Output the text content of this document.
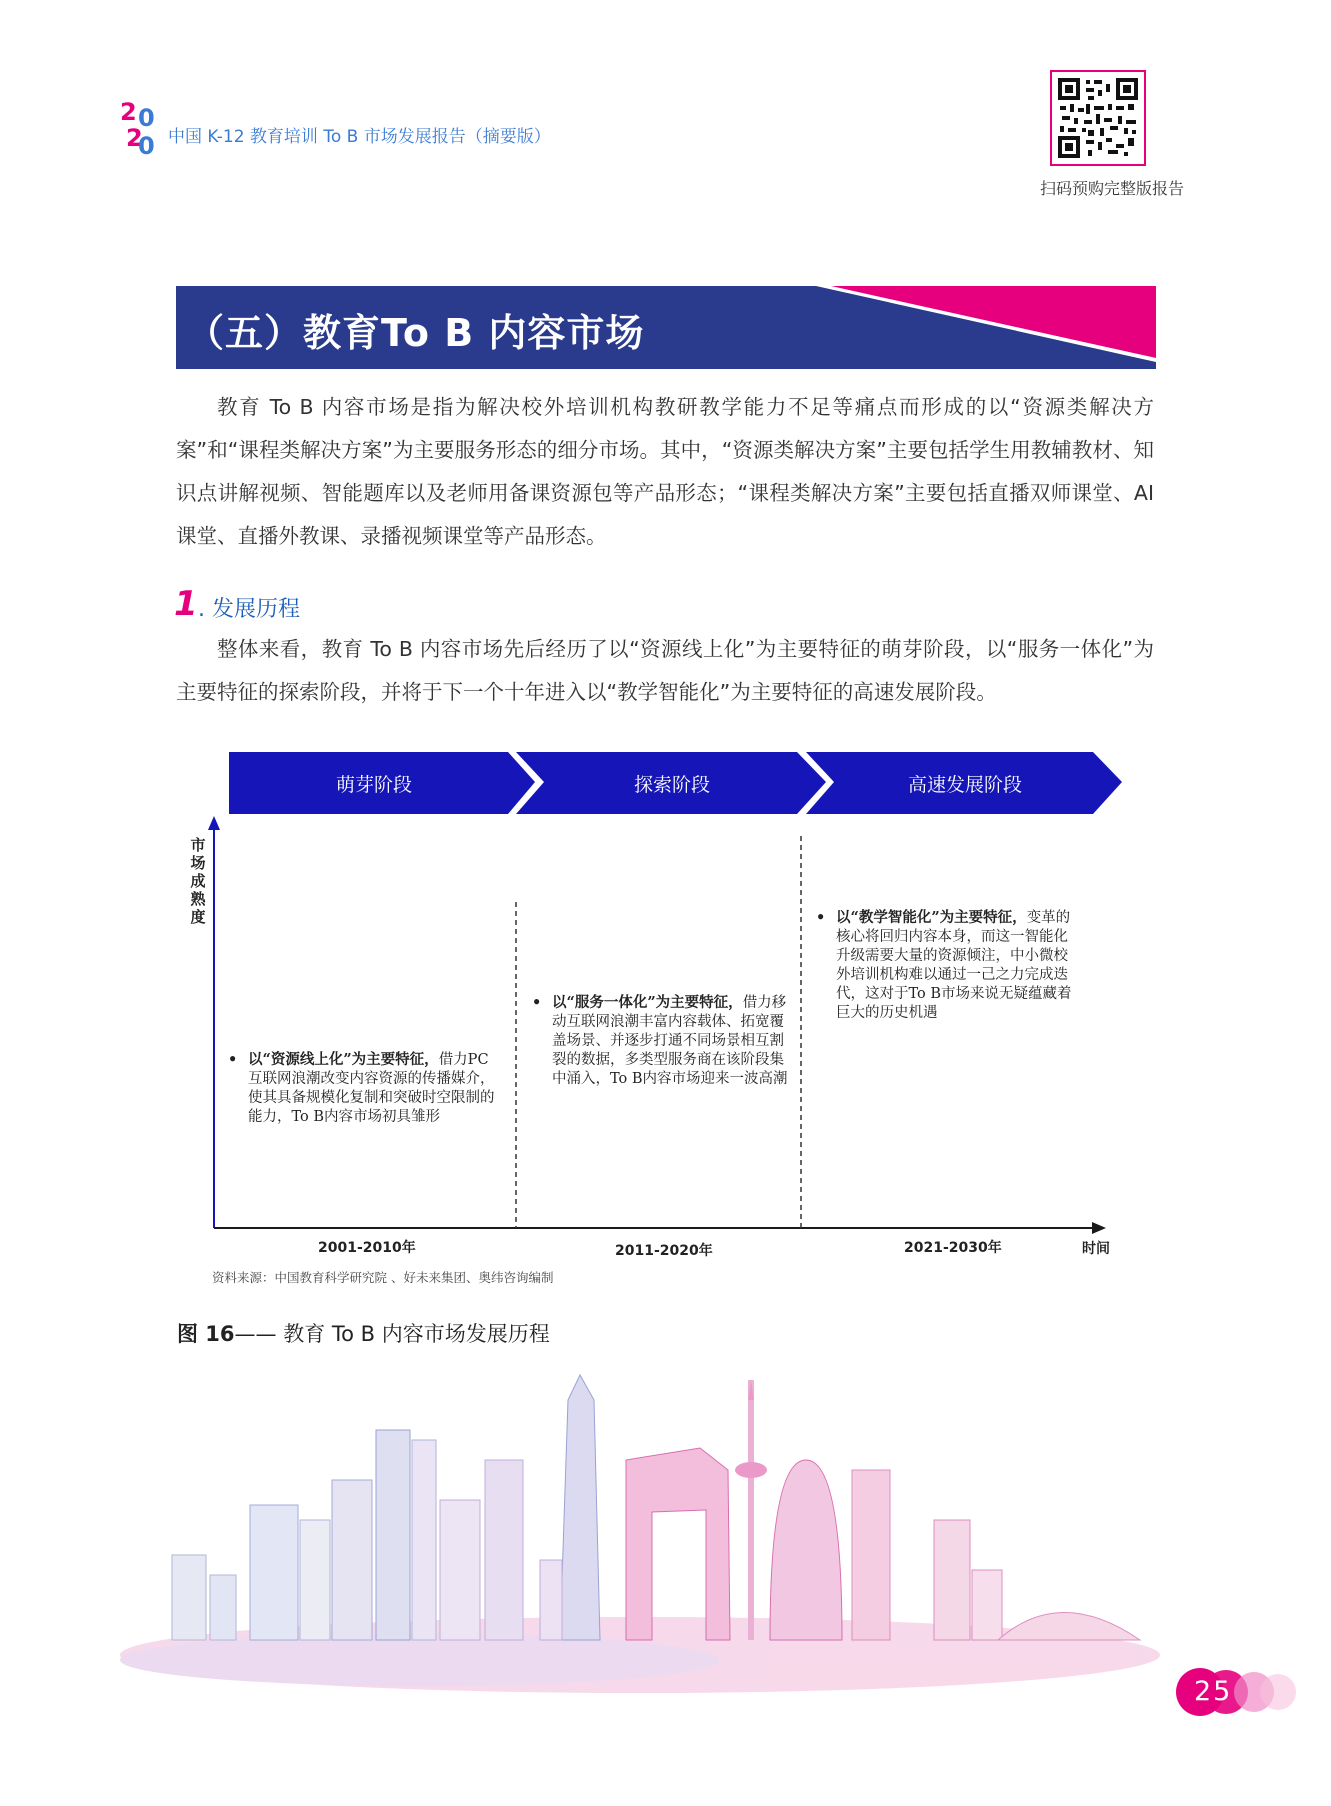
2 0
2
0 中国 K-12 教育培训 To B 市场发展报告（摘要版）
扫码预购完整版报告
（五）教育To B 内容市场

教育 To B 内容市场是指为解决校外培训机构教研教学能力不足等痛点而形成的以“资源类解决方案”和“课程类解决方案”为主要服务形态的细分市场。其中，“资源类解决方案”主要包括学生用教辅教材、知识点讲解视频、智能题库以及老师用备课资源包等产品形态；“课程类解决方案”主要包括直播双师课堂、AI 课堂、直播外教课、录播视频课堂等产品形态。

1 . 发展历程

整体来看，教育 To B 内容市场先后经历了以“资源线上化”为主要特征的萌芽阶段，以“服务一体化”为主要特征的探索阶段，并将于下一个十年进入以“教学智能化”为主要特征的高速发展阶段。

萌芽阶段	探索阶段	高速发展阶段
市场成熟度
• 以“资源线上化”为主要特征，借力PC互联网浪潮改变内容资源的传播媒介，使其具备规模化复制和突破时空限制的能力，To B内容市场初具雏形
• 以“服务一体化”为主要特征，借力移动互联网浪潮丰富内容载体、拓宽覆盖场景、并逐步打通不同场景相互割裂的数据，多类型服务商在该阶段集中涌入，To B内容市场迎来一波高潮
• 以“教学智能化”为主要特征，变革的核心将回归内容本身，而这一智能化升级需要大量的资源倾注，中小微校外培训机构难以通过一己之力完成迭代，这对于To B市场来说无疑蕴藏着巨大的历史机遇
2001-2010年	2011-2020年	2021-2030年	时间
资料来源：中国教育科学研究院 、好未来集团、奥纬咨询编制
图 16—— 教育 To B 内容市场发展历程
25
